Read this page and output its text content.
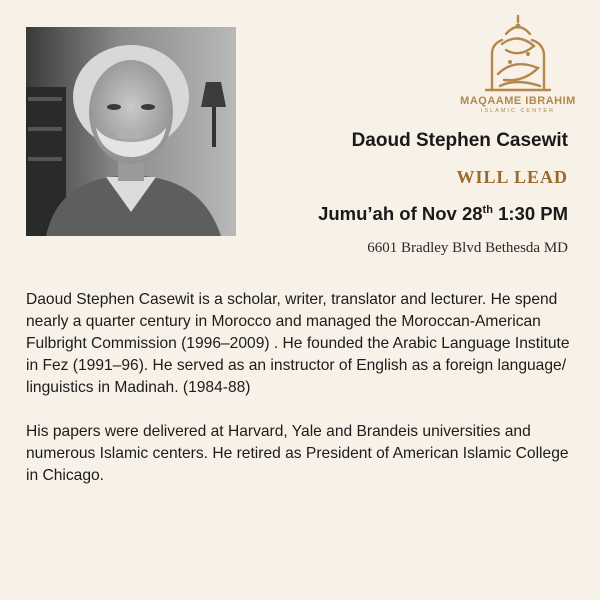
MAQAAME IBRAHIM
ISLAMIC CENTER
Daoud Stephen Casewit
WILL LEAD
Jumu’ah of Nov 28th 1:30 PM
6601 Bradley Blvd Bethesda MD

Daoud Stephen Casewit is a scholar, writer, translator and lecturer. He spend nearly a quarter century in Morocco and managed the Moroccan-American Fulbright Commission (1996–2009) . He founded the Arabic Language Institute in Fez (1991–96). He served as an instructor of English as a foreign language/ linguistics in Madinah. (1984-88)

His papers were delivered at Harvard, Yale and Brandeis universities and numerous Islamic centers. He retired as President of American Islamic College in Chicago.
